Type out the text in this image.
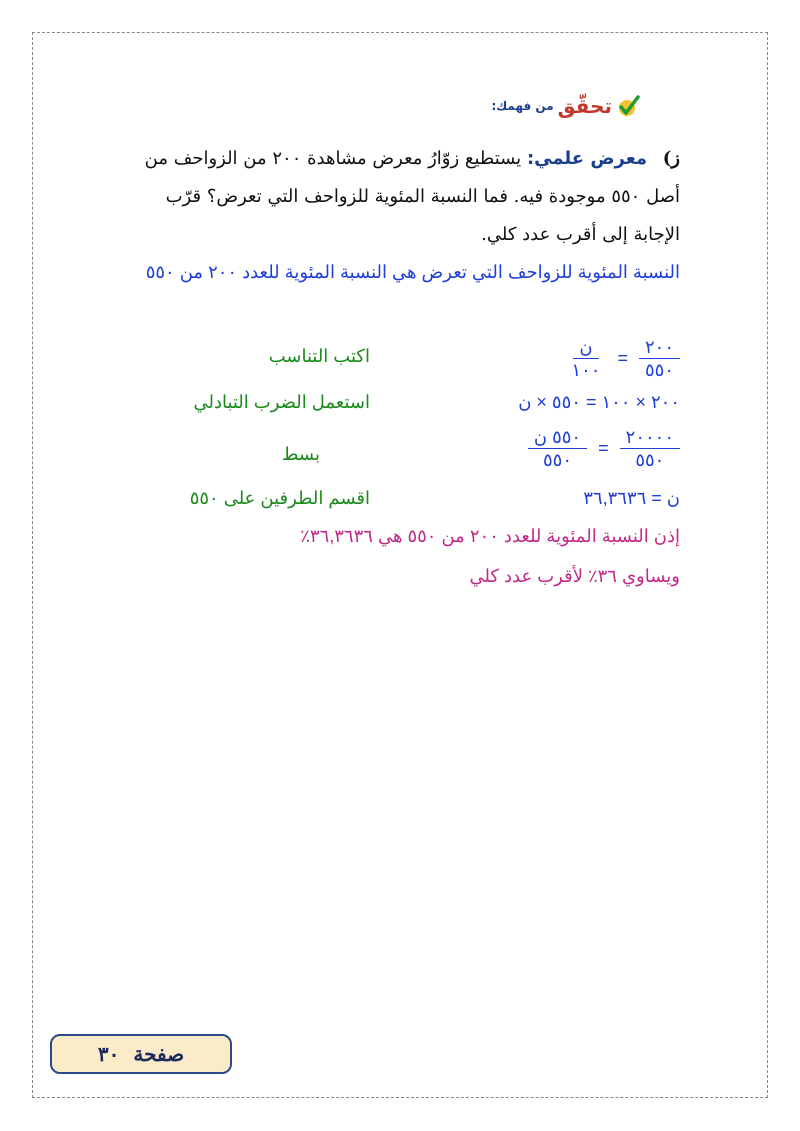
تحقّق
من فهمك:
ز) معرض علمي: يستطيع زوّارُ معرض مشاهدة ٢٠٠ من الزواحف من أصل ٥٥٠ موجودة فيه. فما النسبة المئوية للزواحف التي تعرض؟ قرّب الإجابة إلى أقرب عدد كلي.
النسبة المئوية للزواحف التي تعرض هي النسبة المئوية للعدد ٢٠٠ من ٥٥٠
$\frac{٢٠٠}{٥٥٠}$
=
$\frac{\text{ن}}{١٠٠}$
اكتب التناسب
٢٠٠ × ١٠٠ = ٥٥٠ × ن
استعمل الضرب التبادلي
$\frac{٢٠٠٠٠}{٥٥٠}$
=
$\frac{\text{٥٥٠ ن}}{٥٥٠}$
بسط
ن = ٣٦,٣٦٣٦
اقسم الطرفين على ٥٥٠
إذن النسبة المئوية للعدد ٢٠٠ من ٥٥٠ هي ٣٦,٣٦٣٦٪
ويساوي ٣٦٪ لأقرب عدد كلي
صفحة
٣٠
